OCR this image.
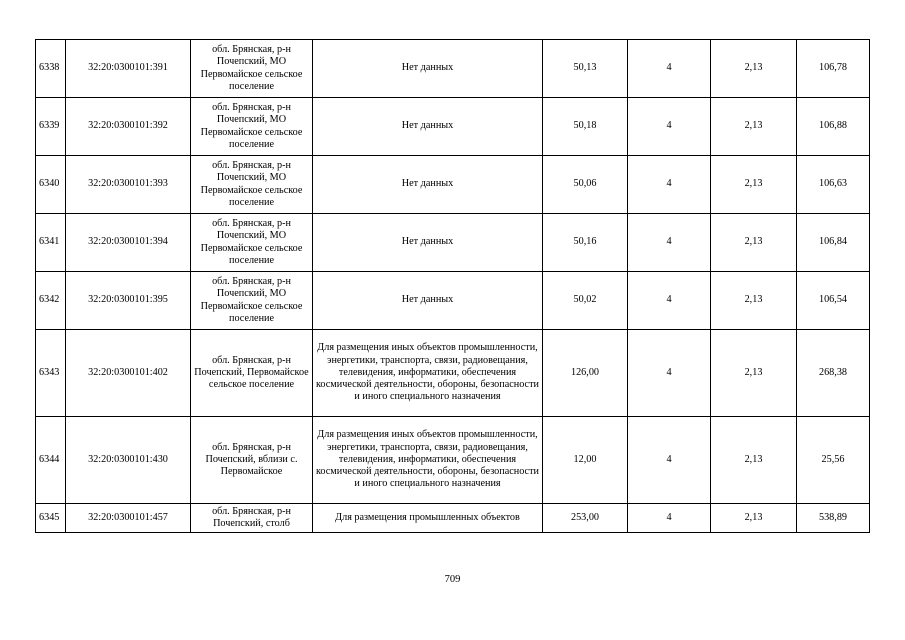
6338	32:20:0300101:391	обл. Брянская, р-н Почепский, МО Первомайское сельское поселение	Нет данных	50,13	4	2,13	106,78
6339	32:20:0300101:392	обл. Брянская, р-н Почепский, МО Первомайское сельское поселение	Нет данных	50,18	4	2,13	106,88
6340	32:20:0300101:393	обл. Брянская, р-н Почепский, МО Первомайское сельское поселение	Нет данных	50,06	4	2,13	106,63
6341	32:20:0300101:394	обл. Брянская, р-н Почепский, МО Первомайское сельское поселение	Нет данных	50,16	4	2,13	106,84
6342	32:20:0300101:395	обл. Брянская, р-н Почепский, МО Первомайское сельское поселение	Нет данных	50,02	4	2,13	106,54
6343	32:20:0300101:402	обл. Брянская, р-н Почепский, Первомайское сельское поселение	Для размещения иных объектов промышленности, энергетики, транспорта, связи, радиовещания, телевидения, информатики, обеспечения космической деятельности, обороны, безопасности и иного специального назначения	126,00	4	2,13	268,38
6344	32:20:0300101:430	обл. Брянская, р-н Почепский, вблизи с. Первомайское	Для размещения иных объектов промышленности, энергетики, транспорта, связи, радиовещания, телевидения, информатики, обеспечения космической деятельности, обороны, безопасности и иного специального назначения	12,00	4	2,13	25,56
6345	32:20:0300101:457	обл. Брянская, р-н Почепский, столб	Для размещения промышленных объектов	253,00	4	2,13	538,89
709
